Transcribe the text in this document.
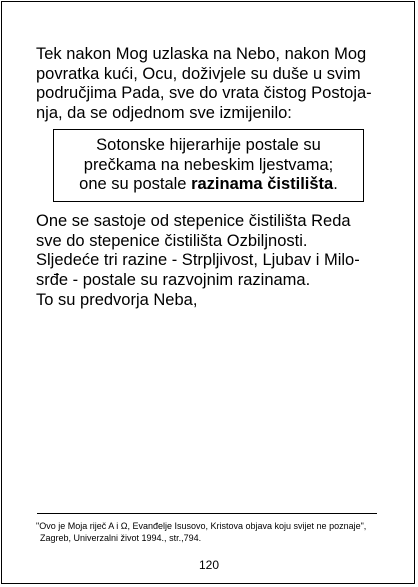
Tek nakon Mog uzlaska na Nebo, nakon Mog
povratka kući, Ocu, doživjele su duše u svim
područjima Pada, sve do vrata čistog Postoja-
nja, da se odjednom sve izmijenilo:
Sotonske hijerarhije postale su
prečkama na nebeskim ljestvama;
one su postale razinama čistilišta.
One se sastoje od stepenice čistilišta Reda
sve do stepenice čistilišta Ozbiljnosti.
Sljedeće tri razine - Strpljivost, Ljubav i Milo-
srđe - postale su razvojnim razinama.
To su predvorja Neba,
"Ovo je Moja riječ A i Ω, Evanđelje Isusovo, Kristova objava koju svijet ne poznaje",
Zagreb, Univerzalni život 1994., str.,794.
120
